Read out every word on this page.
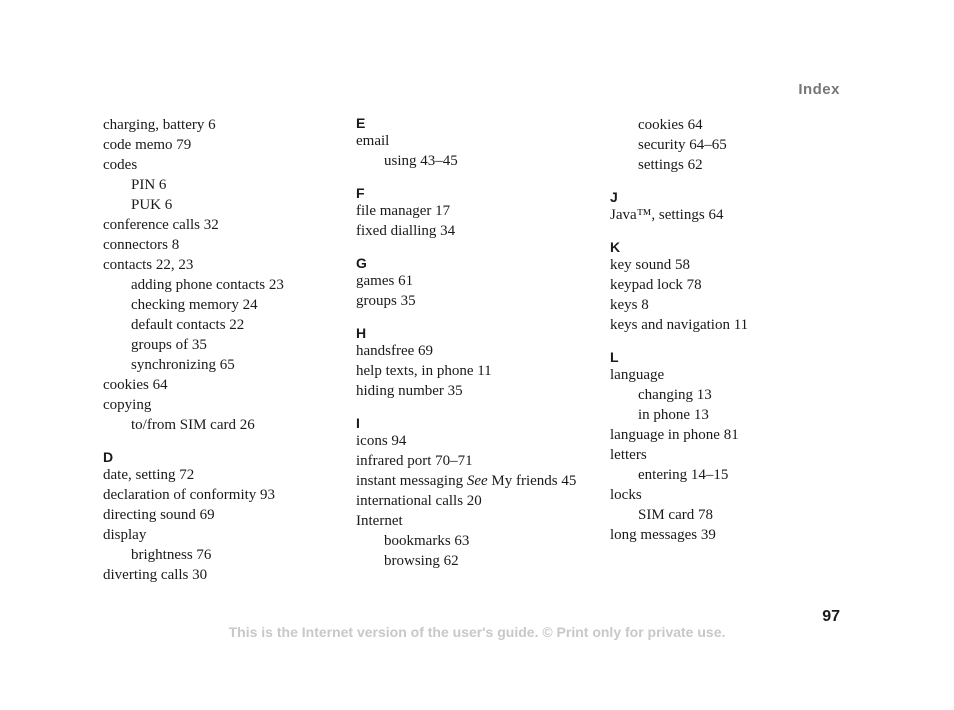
Index
charging, battery 6
code memo 79
codes
PIN 6
PUK 6
conference calls 32
connectors 8
contacts 22, 23
adding phone contacts 23
checking memory 24
default contacts 22
groups of 35
synchronizing 65
cookies 64
copying
to/from SIM card 26
D
date, setting 72
declaration of conformity 93
directing sound 69
display
brightness 76
diverting calls 30
E
email
using 43–45
F
file manager 17
fixed dialling 34
G
games 61
groups 35
H
handsfree 69
help texts, in phone 11
hiding number 35
I
icons 94
infrared port 70–71
instant messaging See My friends 45
international calls 20
Internet
bookmarks 63
browsing 62
cookies 64
security 64–65
settings 62
J
Java™, settings 64
K
key sound 58
keypad lock 78
keys 8
keys and navigation 11
L
language
changing 13
in phone 13
language in phone 81
letters
entering 14–15
locks
SIM card 78
long messages 39
97
This is the Internet version of the user's guide. © Print only for private use.
